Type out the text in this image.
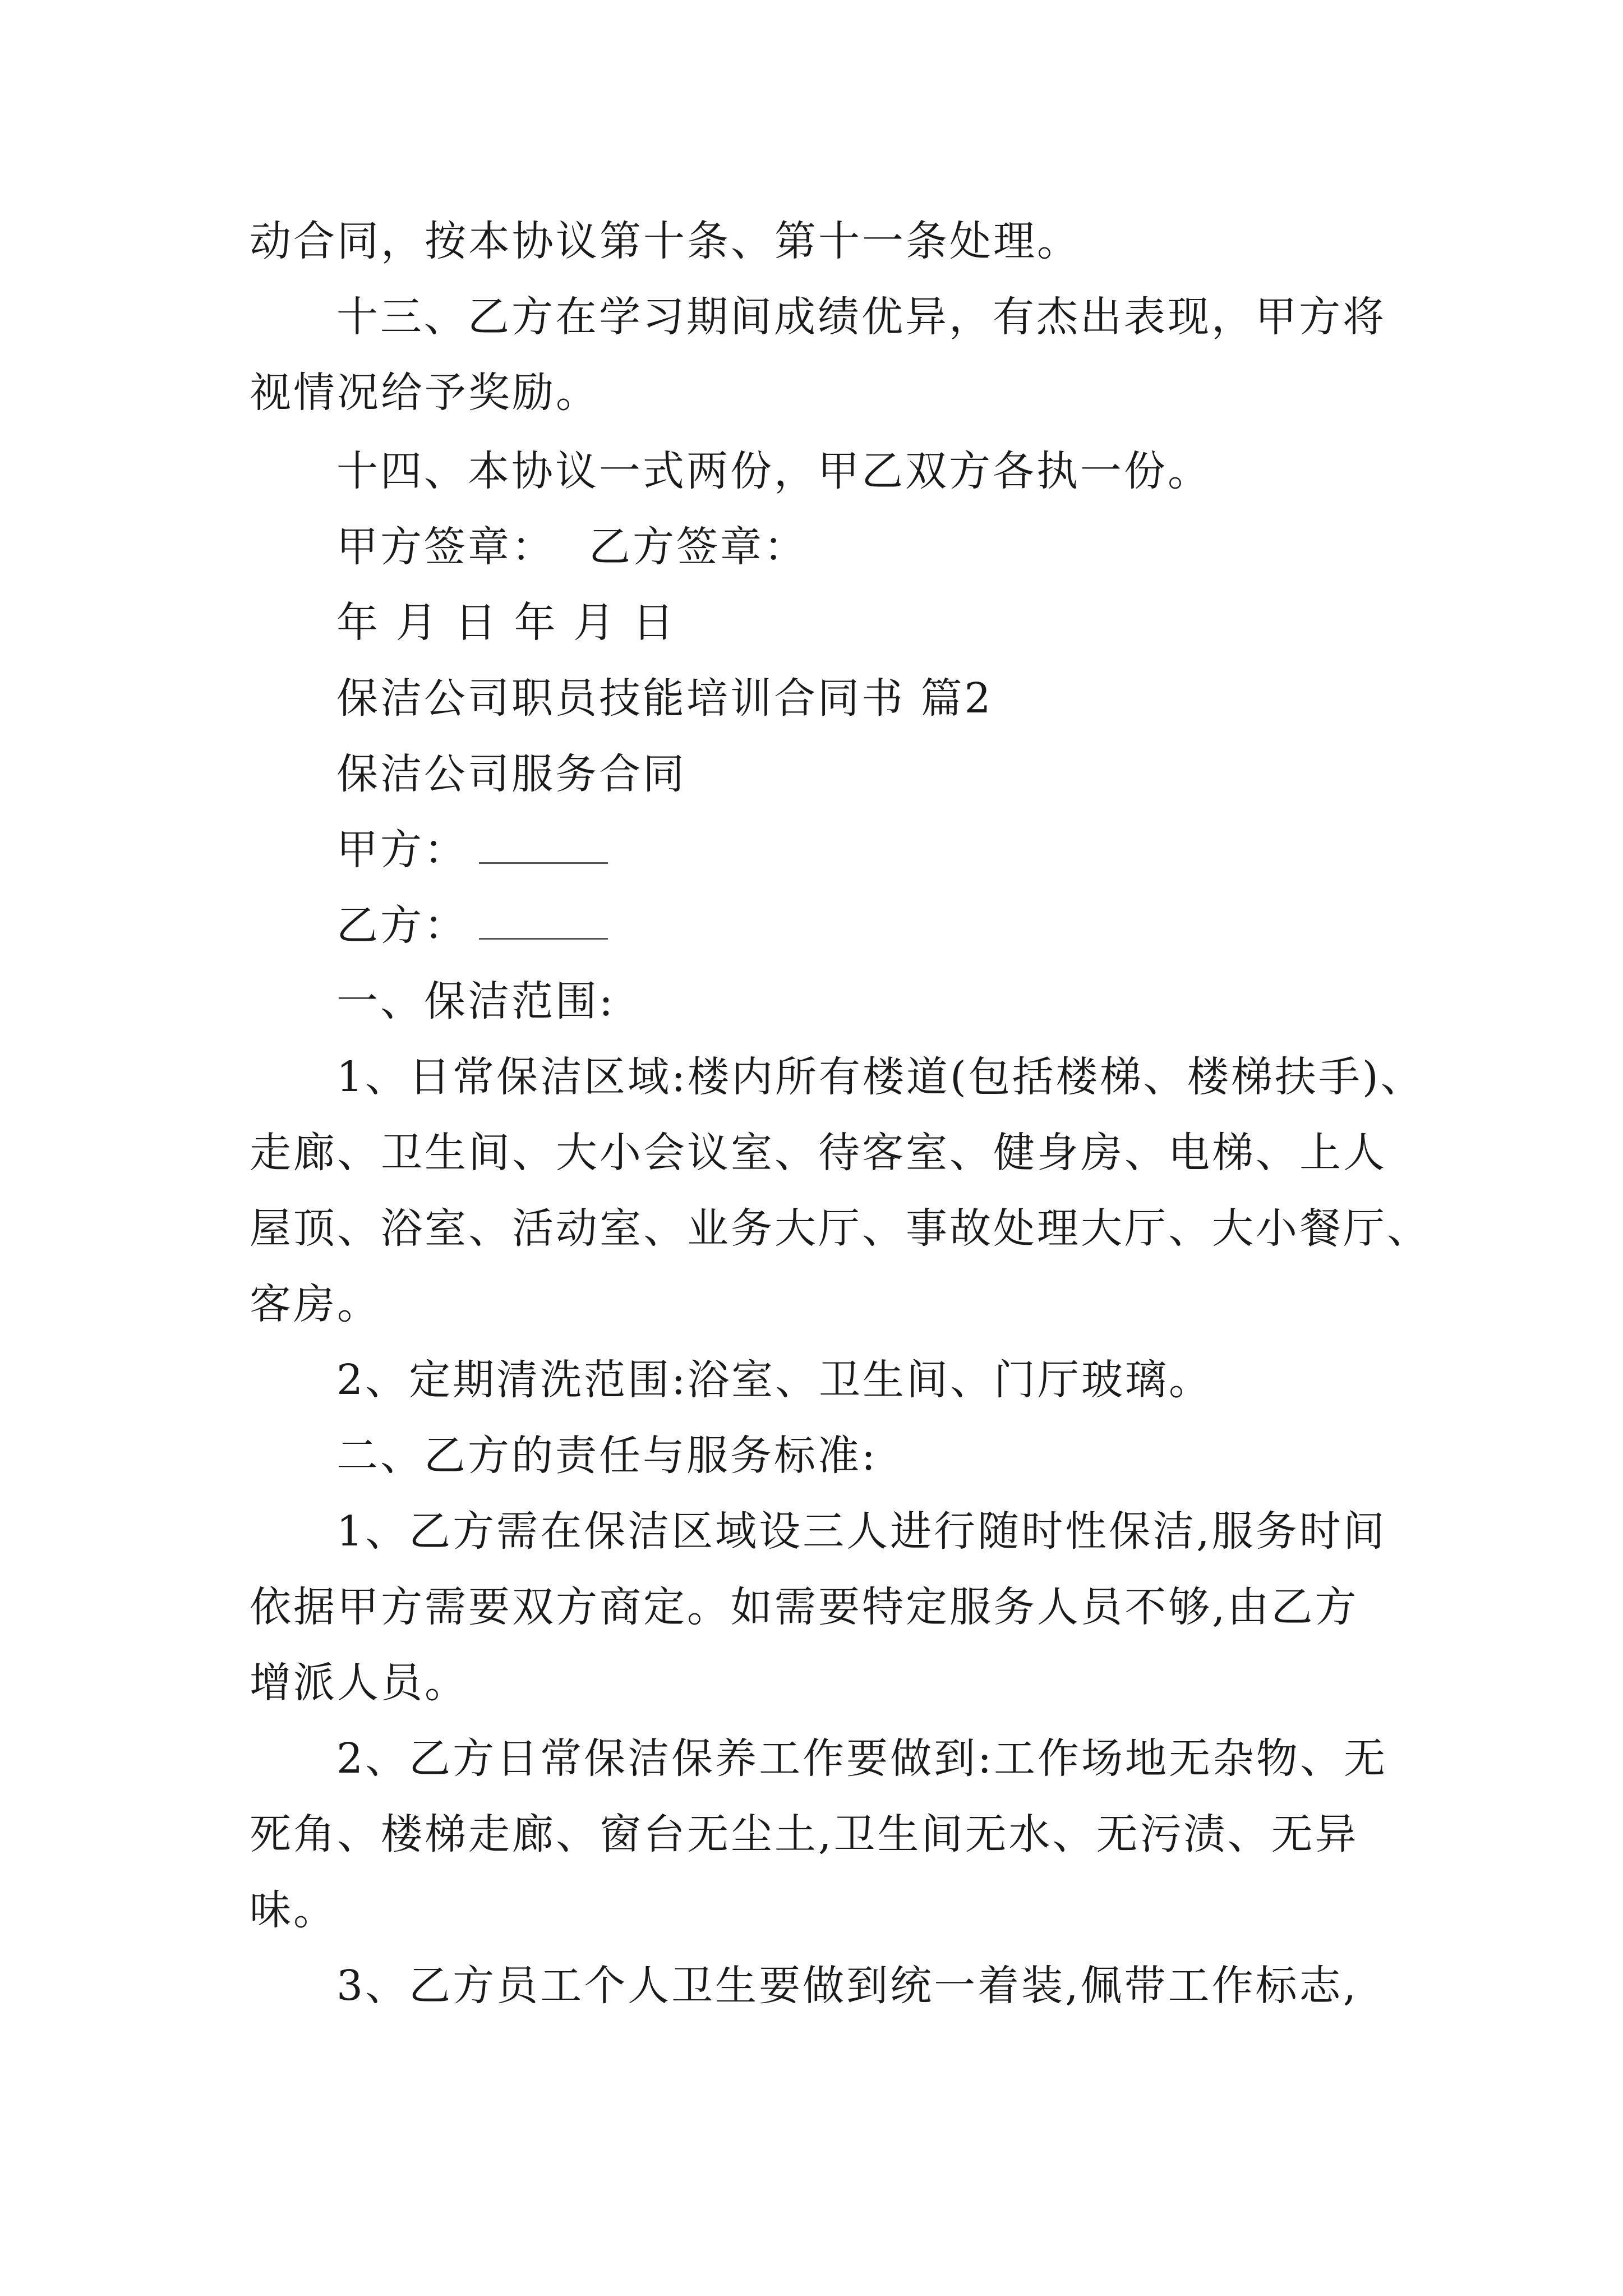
动合同，按本协议第十条、第十一条处理。
十三、乙方在学习期间成绩优异，有杰出表现，甲方将
视情况给予奖励。
十四、本协议一式两份，甲乙双方各执一份。
甲方签章： 乙方签章：
年 月 日 年 月 日
保洁公司职员技能培训合同书 篇2
保洁公司服务合同
甲方：
乙方：
一、保洁范围:
1、日常保洁区域:楼内所有楼道(包括楼梯、楼梯扶手)、
走廊、卫生间、大小会议室、待客室、健身房、电梯、上人
屋顶、浴室、活动室、业务大厅、事故处理大厅、大小餐厅、
客房。
2、定期清洗范围:浴室、卫生间、门厅玻璃。
二、乙方的责任与服务标准:
1、乙方需在保洁区域设三人进行随时性保洁,服务时间
依据甲方需要双方商定。如需要特定服务人员不够,由乙方
增派人员。
2、乙方日常保洁保养工作要做到:工作场地无杂物、无
死角、楼梯走廊、窗台无尘土,卫生间无水、无污渍、无异
味。
3、乙方员工个人卫生要做到统一着装,佩带工作标志,
